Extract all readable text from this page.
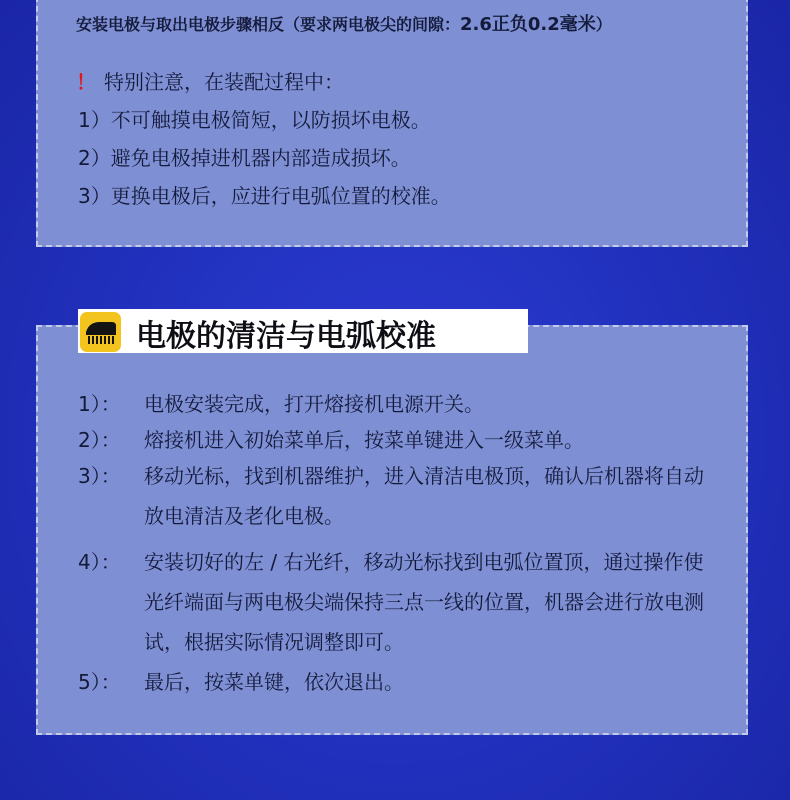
安装电极与取出电极步骤相反（要求两电极尖的间隙：2.6正负0.2毫米）
！ 特别注意，在装配过程中：
1）不可触摸电极简短，以防损坏电极。
2）避免电极掉进机器内部造成损坏。
3）更换电极后，应进行电弧位置的校准。
电极的清洁与电弧校准
1）： 电极安装完成，打开熔接机电源开关。
2）： 熔接机进入初始菜单后，按菜单键进入一级菜单。
3）： 移动光标，找到机器维护，进入清洁电极顶，确认后机器将自动放电清洁及老化电极。
4）： 安装切好的左 / 右光纤，移动光标找到电弧位置顶，通过操作使光纤端面与两电极尖端保持三点一线的位置，机器会进行放电测试，根据实际情况调整即可。
5）： 最后，按菜单键，依次退出。
